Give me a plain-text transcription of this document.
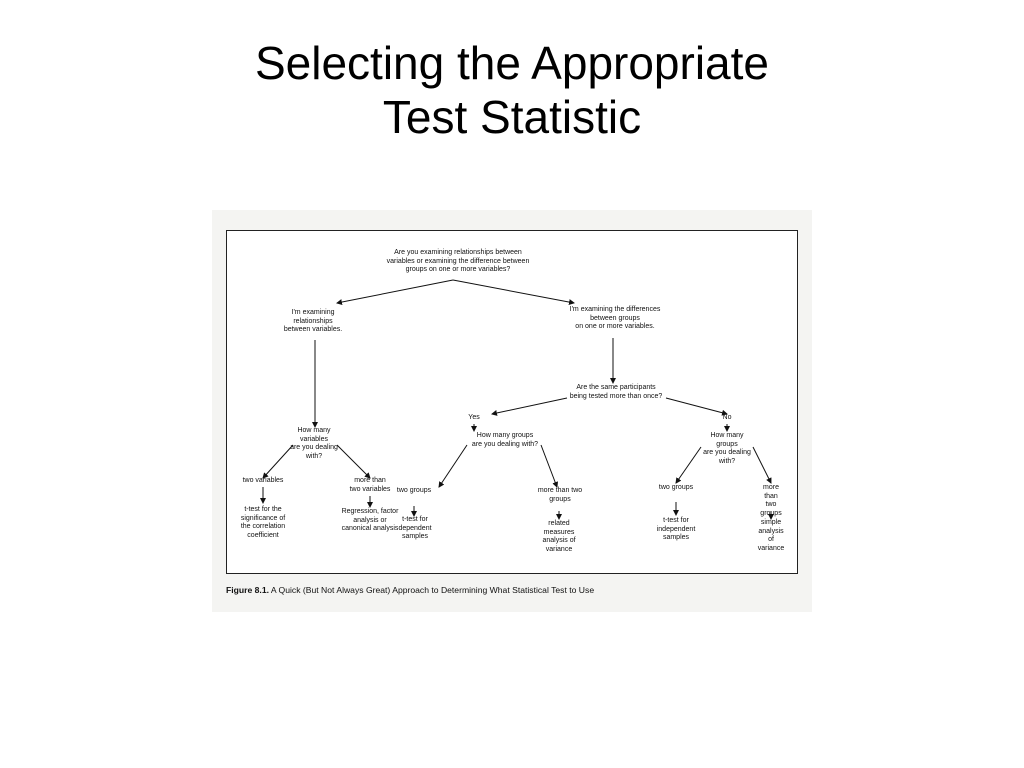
Selecting the Appropriate
Test Statistic
Are you examining relationships between
variables or examining the difference between
groups on one or more variables?
I'm examining
relationships
between variables.
I'm examining the differences
between groups
on one or more variables.
How many
variables
are you dealing
with?
two variables	more than
two variables
t-test for the
significance of
the correlation
coefficient
Regression, factor
analysis or
canonical analysis
Are the same participants
being tested more than once?
Yes	No
How many groups
are you dealing with?
How many
groups
are you dealing
with?
two groups	more than two
groups
two groups	more than two
groups
t-test for
dependent
samples
related
measures
analysis of
variance
t-test for
independent
samples
simple
analysis
of variance
Figure 8.1. A Quick (But Not Always Great) Approach to Determining What Statistical Test to Use
